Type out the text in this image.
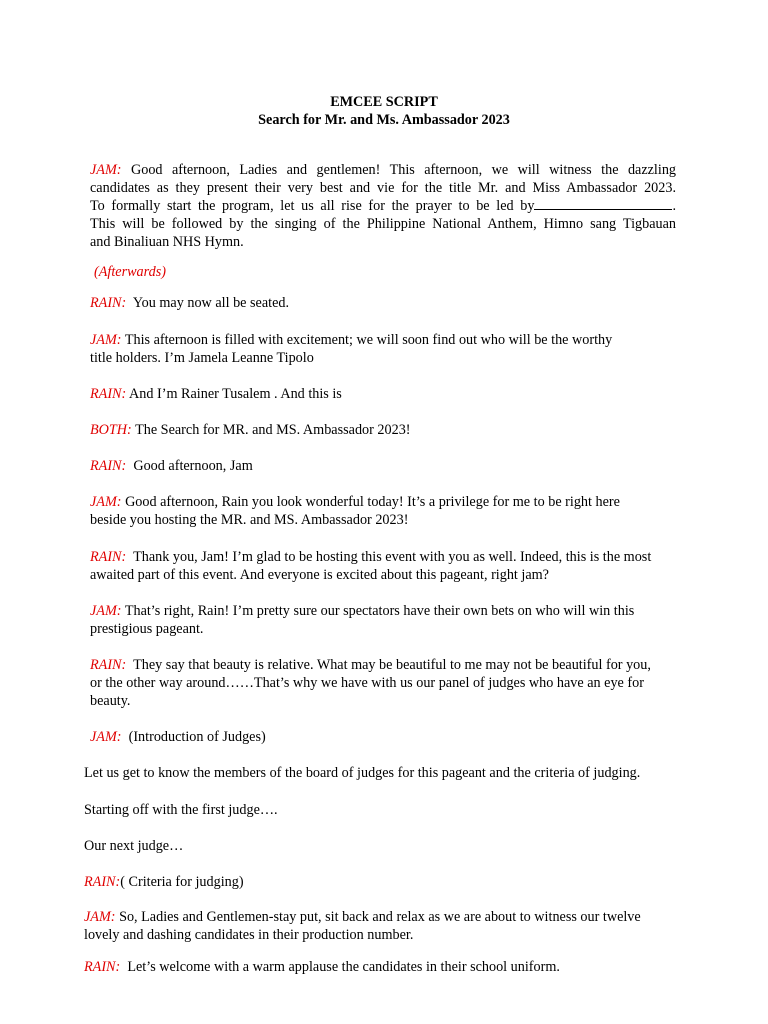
EMCEE SCRIPT
Search for Mr. and Ms. Ambassador 2023
JAM: Good afternoon, Ladies and gentlemen! This afternoon, we will witness the dazzling
candidates as they present their very best and vie for the title Mr. and Miss Ambassador 2023.
To formally start the program, let us all rise for the prayer to be led by	.
This will be followed by the singing of the Philippine National Anthem, Himno sang Tigbauan
and Binaliuan NHS Hymn.
(Afterwards)
RAIN: You may now all be seated.
JAM: This afternoon is filled with excitement; we will soon find out who will be the worthy
title holders. I’m Jamela Leanne Tipolo
RAIN: And I’m Rainer Tusalem . And this is
BOTH: The Search for MR. and MS. Ambassador 2023!
RAIN: Good afternoon, Jam
JAM: Good afternoon, Rain you look wonderful today! It’s a privilege for me to be right here
beside you hosting the MR. and MS. Ambassador 2023!
RAIN: Thank you, Jam! I’m glad to be hosting this event with you as well. Indeed, this is the most
awaited part of this event. And everyone is excited about this pageant, right jam?
JAM: That’s right, Rain! I’m pretty sure our spectators have their own bets on who will win this
prestigious pageant.
RAIN: They say that beauty is relative. What may be beautiful to me may not be beautiful for you,
or the other way around……That’s why we have with us our panel of judges who have an eye for
beauty.
JAM: (Introduction of Judges)
Let us get to know the members of the board of judges for this pageant and the criteria of judging.
Starting off with the first judge….
Our next judge…
RAIN:( Criteria for judging)
JAM: So, Ladies and Gentlemen-stay put, sit back and relax as we are about to witness our twelve
lovely and dashing candidates in their production number.
RAIN: Let’s welcome with a warm applause the candidates in their school uniform.
